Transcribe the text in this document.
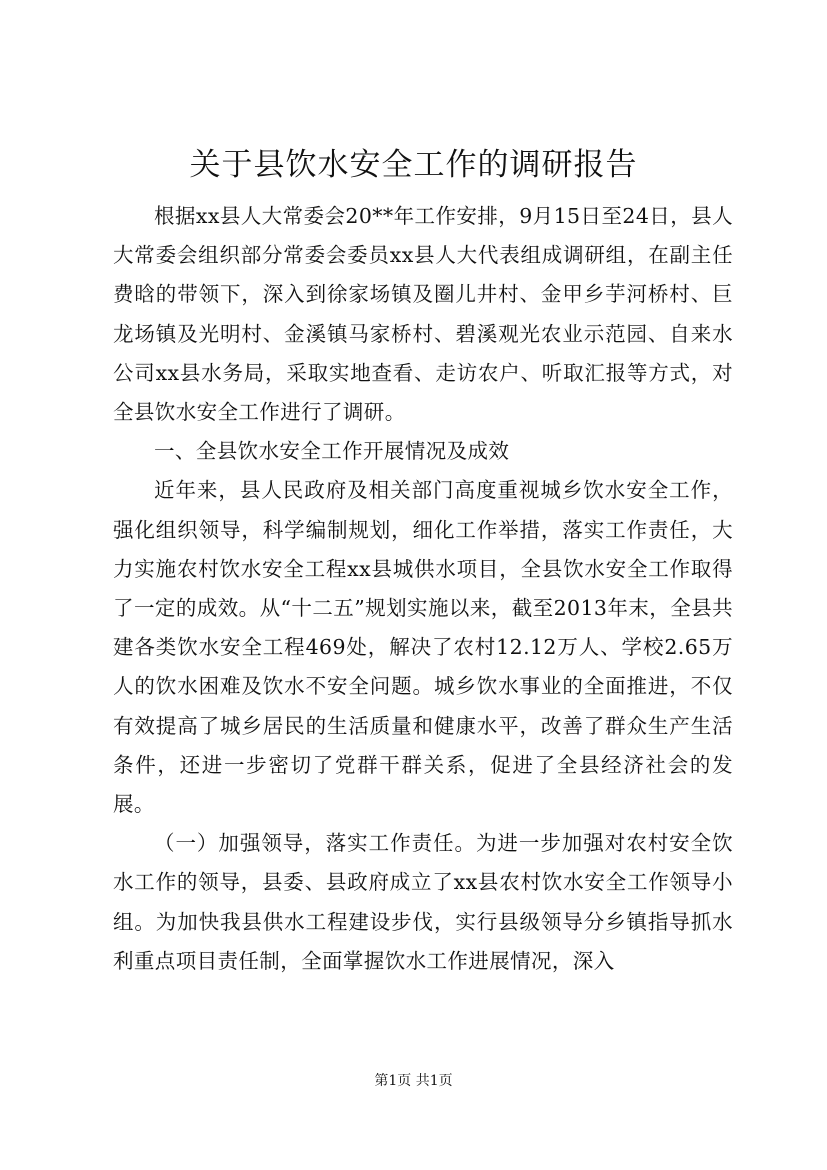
关于县饮水安全工作的调研报告

根据xx县人大常委会20**年工作安排，9月15日至24日，县人大常委会组织部分常委会委员xx县人大代表组成调研组，在副主任费晗的带领下，深入到徐家场镇及圈儿井村、金甲乡芋河桥村、巨龙场镇及光明村、金溪镇马家桥村、碧溪观光农业示范园、自来水公司xx县水务局，采取实地查看、走访农户、听取汇报等方式，对全县饮水安全工作进行了调研。

一、全县饮水安全工作开展情况及成效

近年来，县人民政府及相关部门高度重视城乡饮水安全工作，强化组织领导，科学编制规划，细化工作举措，落实工作责任，大力实施农村饮水安全工程xx县城供水项目，全县饮水安全工作取得了一定的成效。从“十二五”规划实施以来，截至2013年末，全县共建各类饮水安全工程469处，解决了农村12.12万人、学校2.65万人的饮水困难及饮水不安全问题。城乡饮水事业的全面推进，不仅有效提高了城乡居民的生活质量和健康水平，改善了群众生产生活条件，还进一步密切了党群干群关系，促进了全县经济社会的发展。

（一）加强领导，落实工作责任。为进一步加强对农村安全饮水工作的领导，县委、县政府成立了xx县农村饮水安全工作领导小组。为加快我县供水工程建设步伐，实行县级领导分乡镇指导抓水利重点项目责任制，全面掌握饮水工作进展情况，深入

第1页 共1页
